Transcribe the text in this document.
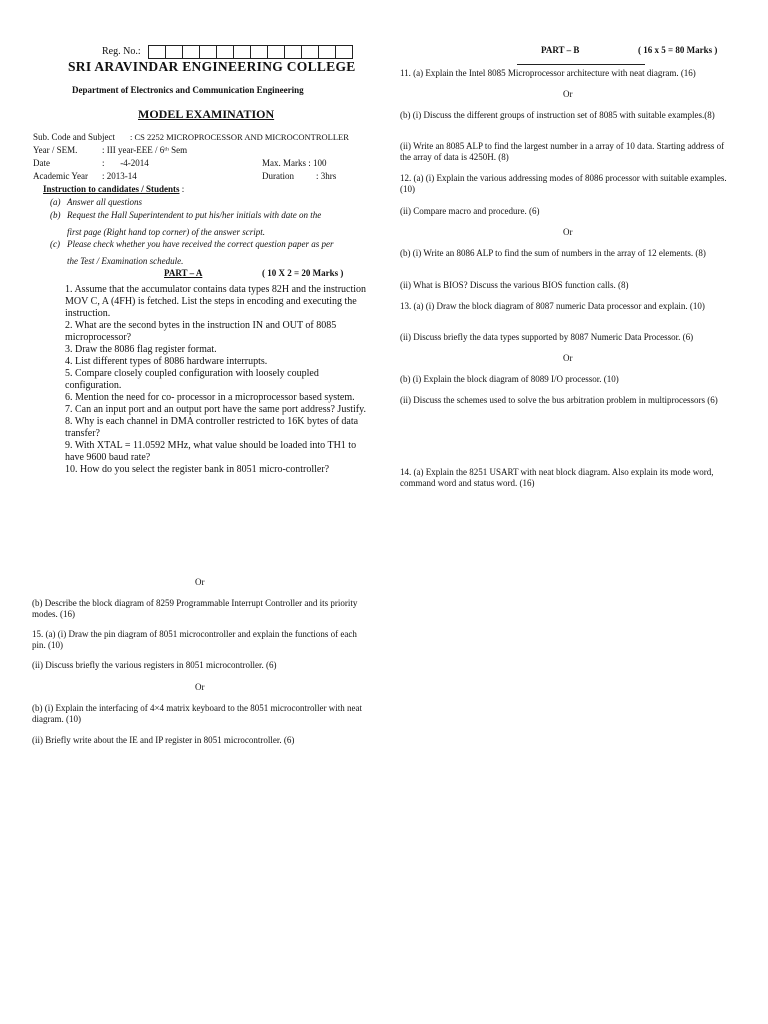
Reg. No.:
SRI ARAVINDAR ENGINEERING COLLEGE
Department of Electronics and Communication Engineering
MODEL EXAMINATION
Sub. Code and Subject : CS 2252 MICROPROCESSOR AND MICROCONTROLLER
Year / SEM.	: III year-EEE / 6ᵗʰ Sem
Date	:       -4-2014	Max. Marks : 100
Academic Year : 2013-14	Duration : 3hrs
Instruction to candidates / Students :
(a) Answer all questions
(b) Request the Hall Superintendent to put his/her initials with date on the
first page (Right hand top corner) of the answer script.
(c) Please check whether you have received the correct question paper as per
the Test / Examination schedule.
PART – A	( 10 X 2 = 20 Marks )
1. Assume that the accumulator contains data types 82H and the instruction MOV C, A (4FH) is fetched. List the steps in encoding and executing the instruction.
2. What are the second bytes in the instruction IN and OUT of 8085 microprocessor?
3. Draw the 8086 flag register format.
4. List different types of 8086 hardware interrupts.
5. Compare closely coupled configuration with loosely coupled configuration.
6. Mention the need for co- processor in a microprocessor based system.
7. Can an input port and an output port have the same port address? Justify.
8. Why is each channel in DMA controller restricted to 16K bytes of data transfer?
9. With XTAL = 11.0592 MHz, what value should be loaded into TH1 to have 9600 baud rate?
10. How do you select the register bank in 8051 micro-controller?
Or
(b) Describe the block diagram of 8259 Programmable Interrupt Controller and its priority modes. (16)
15. (a) (i) Draw the pin diagram of 8051 microcontroller and explain the functions of each pin. (10)
(ii) Discuss briefly the various registers in 8051 microcontroller. (6)
Or
(b) (i) Explain the interfacing of 4×4 matrix keyboard to the 8051 microcontroller with neat diagram. (10)
(ii) Briefly write about the IE and IP register in 8051 microcontroller. (6)
PART – B	( 16 x 5 = 80 Marks )
11. (a) Explain the Intel 8085 Microprocessor architecture with neat diagram. (16)
Or
(b) (i) Discuss the different groups of instruction set of 8085 with suitable examples.(8)
(ii) Write an 8085 ALP to find the largest number in a array of 10 data. Starting address of the array of data is 4250H. (8)
12. (a) (i) Explain the various addressing modes of 8086 processor with suitable examples. (10)
(ii) Compare macro and procedure. (6)
Or
(b) (i) Write an 8086 ALP to find the sum of numbers in the array of 12 elements. (8)
(ii) What is BIOS? Discuss the various BIOS function calls. (8)
13. (a) (i) Draw the block diagram of 8087 numeric Data processor and explain. (10)
(ii) Discuss briefly the data types supported by 8087 Numeric Data Processor. (6)
Or
(b) (i) Explain the block diagram of 8089 I/O processor. (10)
(ii) Discuss the schemes used to solve the bus arbitration problem in multiprocessors (6)
14. (a) Explain the 8251 USART with neat block diagram. Also explain its mode word, command word and status word. (16)
